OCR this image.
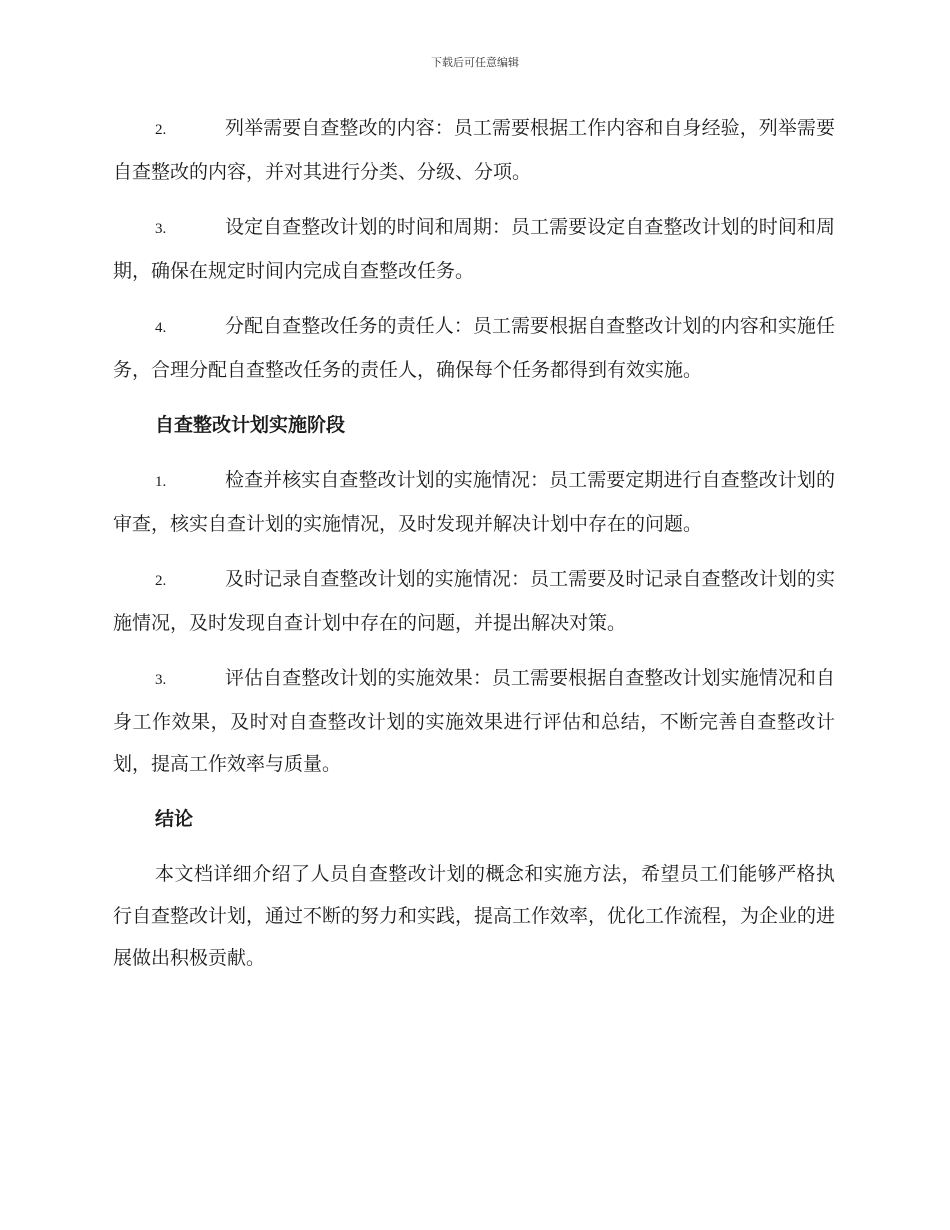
下载后可任意编辑
2.	列举需要自查整改的内容：员工需要根据工作内容和自身经验，列举需要自查整改的内容，并对其进行分类、分级、分项。
3.	设定自查整改计划的时间和周期：员工需要设定自查整改计划的时间和周期，确保在规定时间内完成自查整改任务。
4.	分配自查整改任务的责任人：员工需要根据自查整改计划的内容和实施任务，合理分配自查整改任务的责任人，确保每个任务都得到有效实施。
自查整改计划实施阶段
1.	检查并核实自查整改计划的实施情况：员工需要定期进行自查整改计划的审查，核实自查计划的实施情况，及时发现并解决计划中存在的问题。
2.	及时记录自查整改计划的实施情况：员工需要及时记录自查整改计划的实施情况，及时发现自查计划中存在的问题，并提出解决对策。
3.	评估自查整改计划的实施效果：员工需要根据自查整改计划实施情况和自身工作效果，及时对自查整改计划的实施效果进行评估和总结，不断完善自查整改计划，提高工作效率与质量。
结论

本文档详细介绍了人员自查整改计划的概念和实施方法，希望员工们能够严格执行自查整改计划，通过不断的努力和实践，提高工作效率，优化工作流程，为企业的进展做出积极贡献。
